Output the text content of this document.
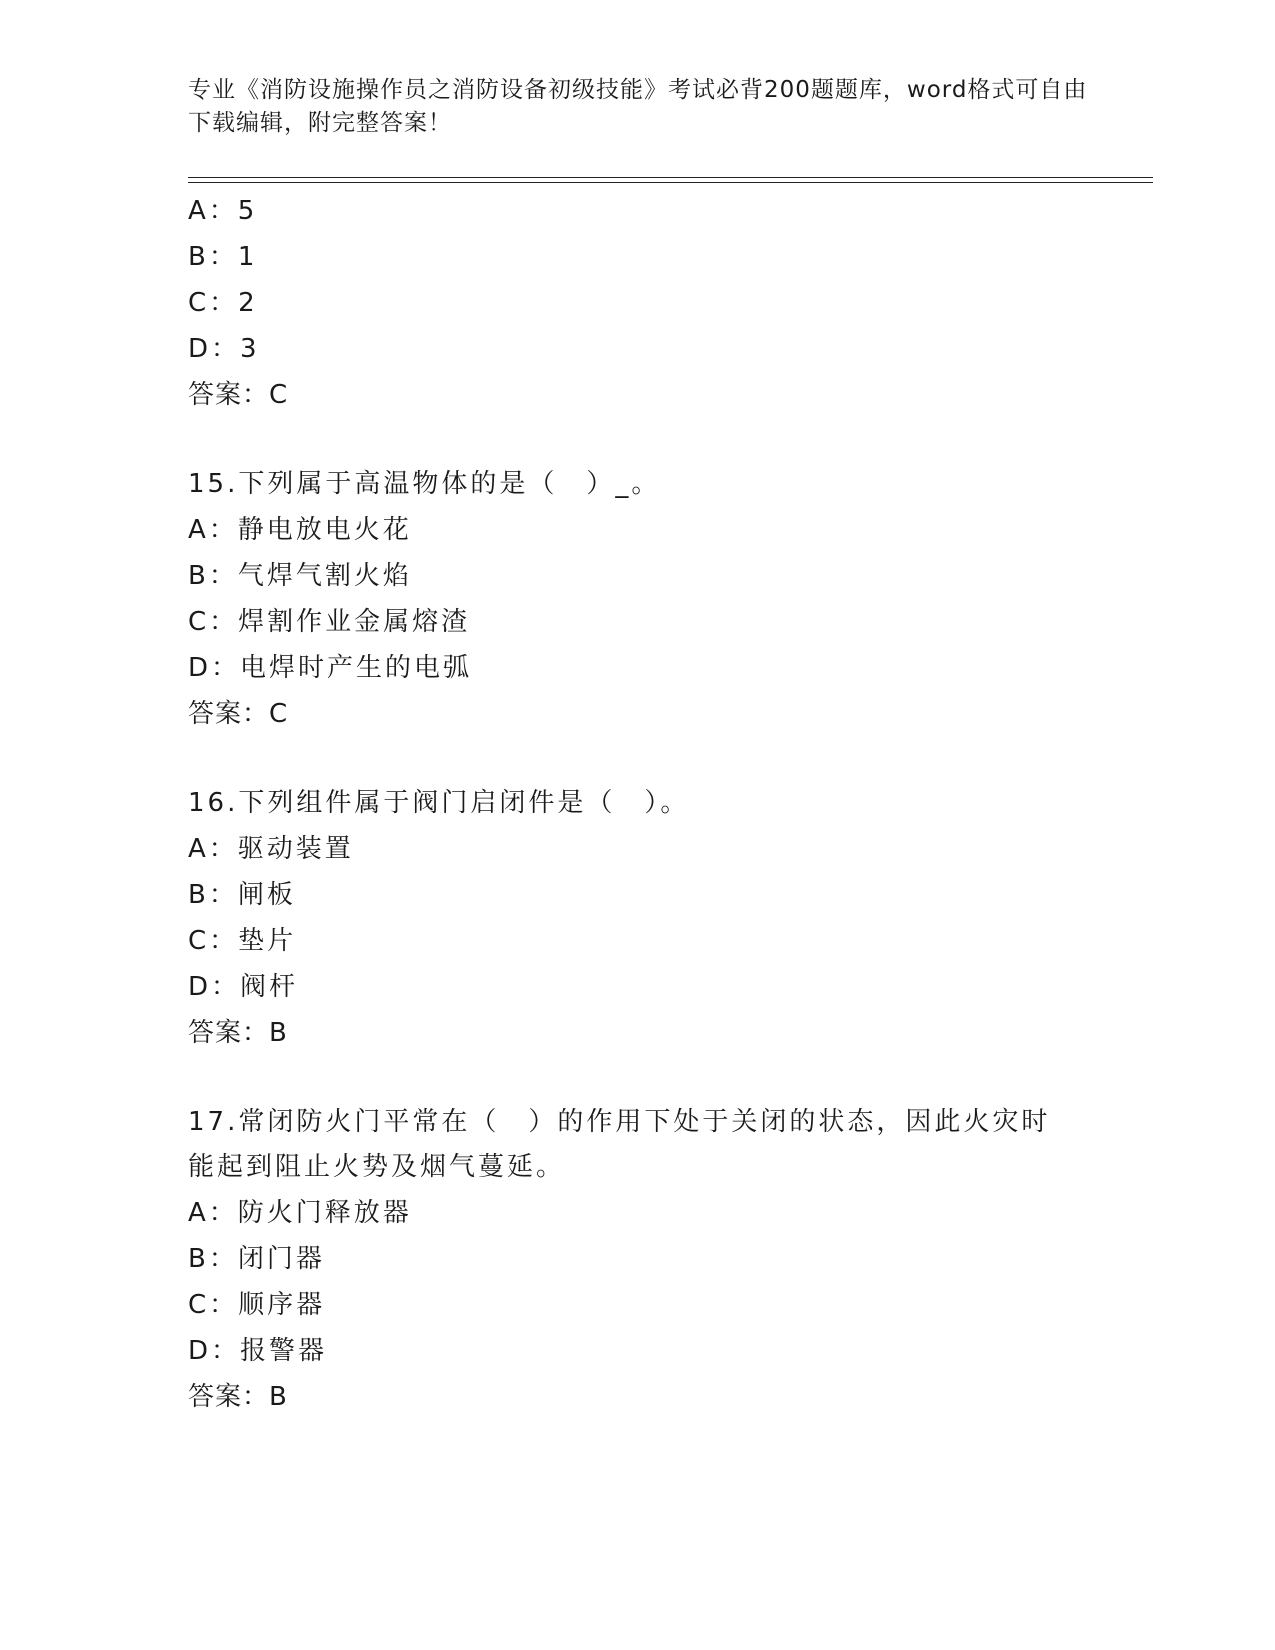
专业《消防设施操作员之消防设备初级技能》考试必背200题题库，word格式可自由下载编辑，附完整答案！
A：5
B：1
C：2
D：3
答案：C
15.下列属于高温物体的是（　）_。
A：静电放电火花
B：气焊气割火焰
C：焊割作业金属熔渣
D：电焊时产生的电弧
答案：C
16.下列组件属于阀门启闭件是（　）。
A：驱动装置
B：闸板
C：垫片
D：阀杆
答案：B
17.常闭防火门平常在（　）的作用下处于关闭的状态，因此火灾时能起到阻止火势及烟气蔓延。
A：防火门释放器
B：闭门器
C：顺序器
D：报警器
答案：B
